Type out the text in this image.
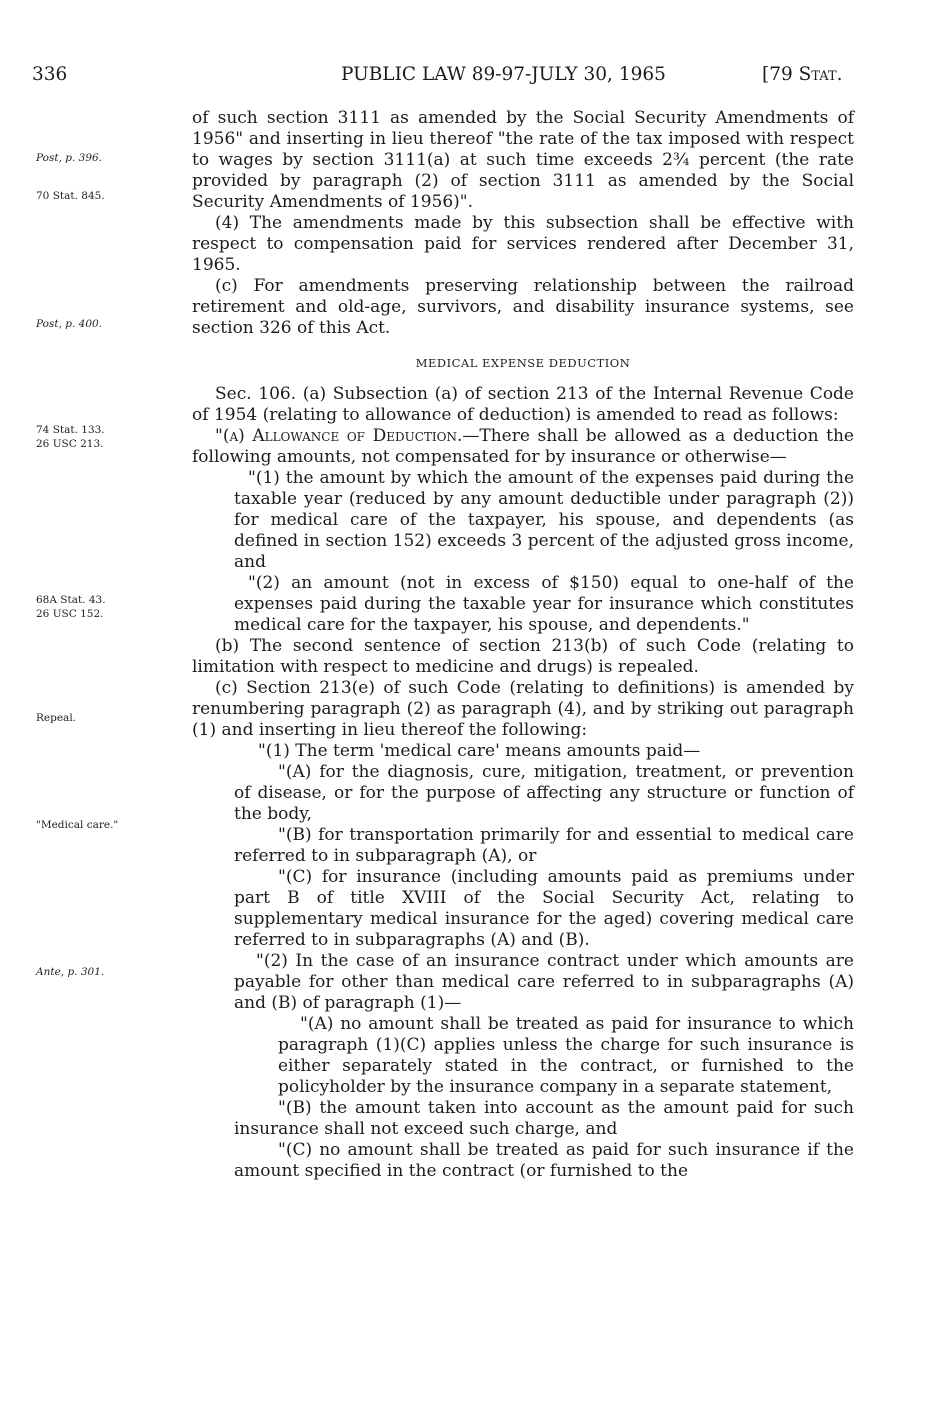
336	PUBLIC LAW 89-97-JULY 30, 1965	[79 Stat.
Post, p. 396.
70 Stat. 845.
Post, p. 400.
74 Stat. 133.
26 USC 213.
68A Stat. 43.
26 USC 152.
Repeal.
"Medical care."
Ante, p. 301.

of such section 3111 as amended by the Social Security Amendments of 1956" and inserting in lieu thereof "the rate of the tax imposed with respect to wages by section 3111(a) at such time exceeds 2¾ percent (the rate provided by paragraph (2) of section 3111 as amended by the Social Security Amendments of 1956)".

(4) The amendments made by this subsection shall be effective with respect to compensation paid for services rendered after December 31, 1965.

(c) For amendments preserving relationship between the railroad retirement and old-age, survivors, and disability insurance systems, see section 326 of this Act.

MEDICAL EXPENSE DEDUCTION

Sec. 106. (a) Subsection (a) of section 213 of the Internal Revenue Code of 1954 (relating to allowance of deduction) is amended to read as follows:

"(a) Allowance of Deduction.—There shall be allowed as a deduction the following amounts, not compensated for by insurance or otherwise—

"(1) the amount by which the amount of the expenses paid during the taxable year (reduced by any amount deductible under paragraph (2)) for medical care of the taxpayer, his spouse, and dependents (as defined in section 152) exceeds 3 percent of the adjusted gross income, and

"(2) an amount (not in excess of $150) equal to one-half of the expenses paid during the taxable year for insurance which constitutes medical care for the taxpayer, his spouse, and dependents."

(b) The second sentence of section 213(b) of such Code (relating to limitation with respect to medicine and drugs) is repealed.

(c) Section 213(e) of such Code (relating to definitions) is amended by renumbering paragraph (2) as paragraph (4), and by striking out paragraph (1) and inserting in lieu thereof the following:

"(1) The term 'medical care' means amounts paid—

"(A) for the diagnosis, cure, mitigation, treatment, or prevention of disease, or for the purpose of affecting any structure or function of the body,

"(B) for transportation primarily for and essential to medical care referred to in subparagraph (A), or

"(C) for insurance (including amounts paid as premiums under part B of title XVIII of the Social Security Act, relating to supplementary medical insurance for the aged) covering medical care referred to in subparagraphs (A) and (B).

"(2) In the case of an insurance contract under which amounts are payable for other than medical care referred to in subparagraphs (A) and (B) of paragraph (1)—

"(A) no amount shall be treated as paid for insurance to which paragraph (1)(C) applies unless the charge for such insurance is either separately stated in the contract, or furnished to the policyholder by the insurance company in a separate statement,

"(B) the amount taken into account as the amount paid for such insurance shall not exceed such charge, and

"(C) no amount shall be treated as paid for such insurance if the amount specified in the contract (or furnished to the
